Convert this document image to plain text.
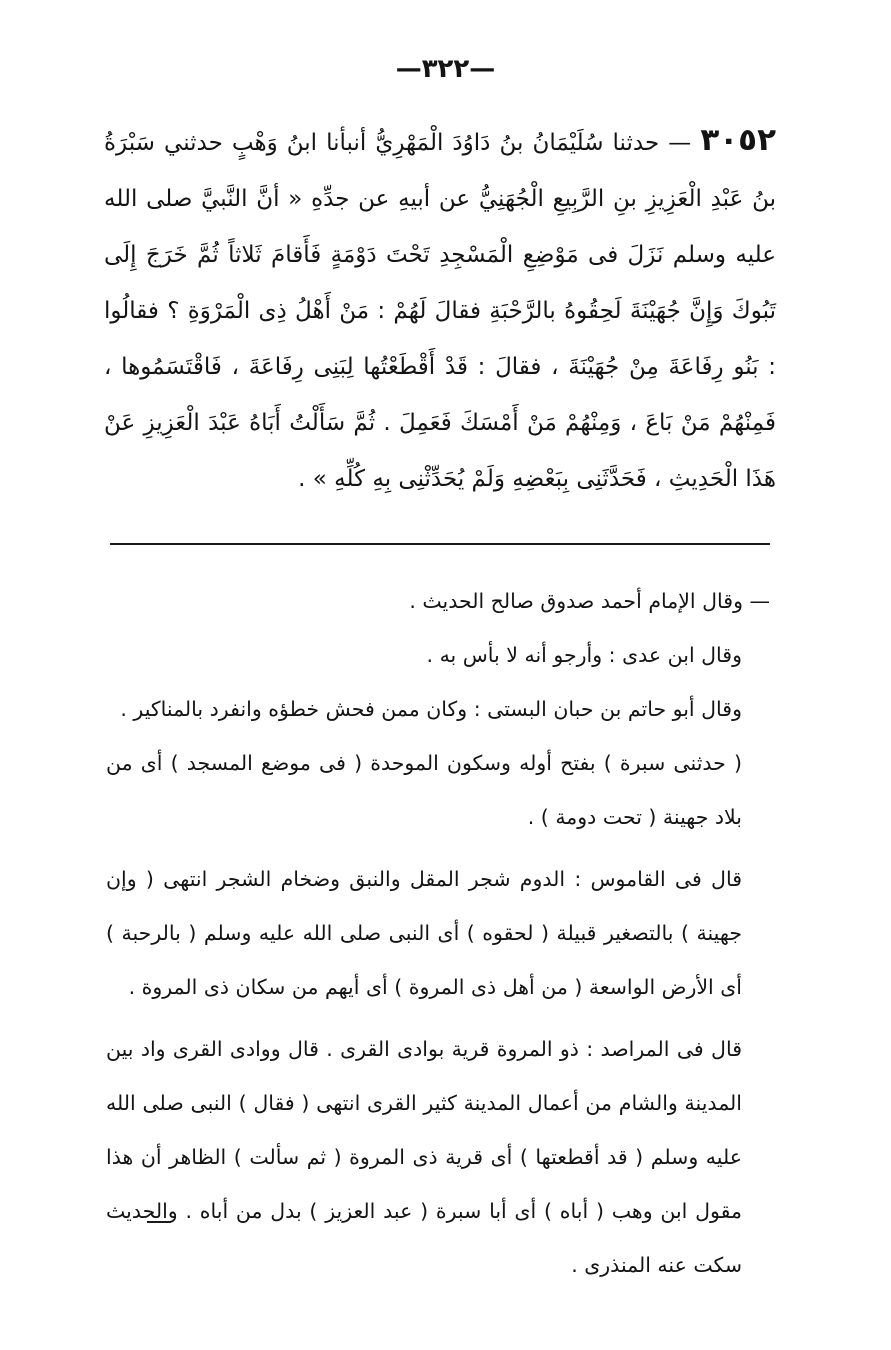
—٣٢٢—
٣٠٥٢ — حدثنا سُلَيْمَانُ بنُ دَاوُدَ الْمَهْرِيُّ أنبأنا ابنُ وَهْبٍ حدثني سَبْرَةُ بنُ عَبْدِ الْعَزِيزِ بنِ الرَّبِيعِ الْجُهَنِيُّ عن أبيهِ عن جدِّهِ « أنَّ النَّبيَّ صلى الله عليه وسلم نَزَلَ فى مَوْضِعِ الْمَسْجِدِ تَحْتَ دَوْمَةٍ فَأَقامَ ثَلاثاً ثُمَّ خَرَجَ إِلَى تَبُوكَ وَإِنَّ جُهَيْنَةَ لَحِقُوهُ بالرَّحْبَةِ فقالَ لَهُمْ : مَنْ أَهْلُ ذِى الْمَرْوَةِ ؟ فقالُوا : بَنُو رِفَاعَةَ مِنْ جُهَيْنَةَ ، فقالَ : قَدْ أَقْطَعْتُها لِبَنِى رِفَاعَةَ ، فَاقْتَسَمُوها ، فَمِنْهُمْ مَنْ بَاعَ ، وَمِنْهُمْ مَنْ أَمْسَكَ فَعَمِلَ . ثُمَّ سَأَلْتُ أَبَاهُ عَبْدَ الْعَزِيزِ عَنْ هَذَا الْحَدِيثِ ، فَحَدَّثَنِى بِبَعْضِهِ وَلَمْ يُحَدِّثْنِى بِهِ كُلِّهِ » .

— وقال الإمام أحمد صدوق صالح الحديث .

وقال ابن عدى : وأرجو أنه لا بأس به .

وقال أبو حاتم بن حبان البستى : وكان ممن فحش خطؤه وانفرد بالمناكير .

( حدثنى سبرة ) بفتح أوله وسكون الموحدة ( فى موضع المسجد ) أى من بلاد جهينة ( تحت دومة ) .

قال فى القاموس : الدوم شجر المقل والنبق وضخام الشجر انتهى ( وإن جهينة ) بالتصغير قبيلة ( لحقوه ) أى النبى صلى الله عليه وسلم ( بالرحبة ) أى الأرض الواسعة ( من أهل ذى المروة ) أى أيهم من سكان ذى المروة .

قال فى المراصد : ذو المروة قرية بوادى القرى . قال ووادى القرى واد بين المدينة والشام من أعمال المدينة كثير القرى انتهى ( فقال ) النبى صلى الله عليه وسلم ( قد أقطعتها ) أى قرية ذى المروة ( ثم سألت ) الظاهر أن هذا مقول ابن وهب ( أباه ) أى أبا سبرة ( عبد العزيز ) بدل من أباه . والحديث سكت عنه المنذرى .
